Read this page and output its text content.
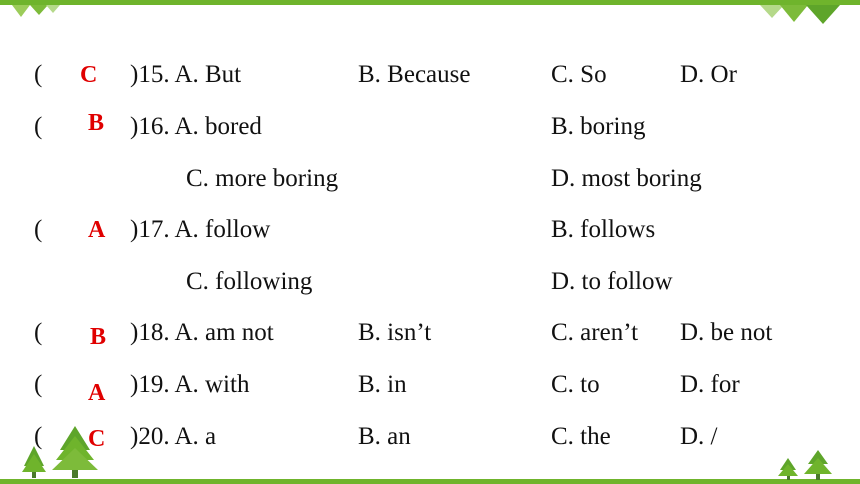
( C )15. A. But	B. Because	C. So	D. Or
( B )16. A. bored	B. boring
C. more boring	D. most boring
( A )17. A. follow	B. follows
C. following	D. to follow
( B )18. A. am not	B. isn’t	C. aren’t D. be not
( A )19. A. with	B. in	C. to	D. for
( C )20. A. a	B. an	C. the	D. /
